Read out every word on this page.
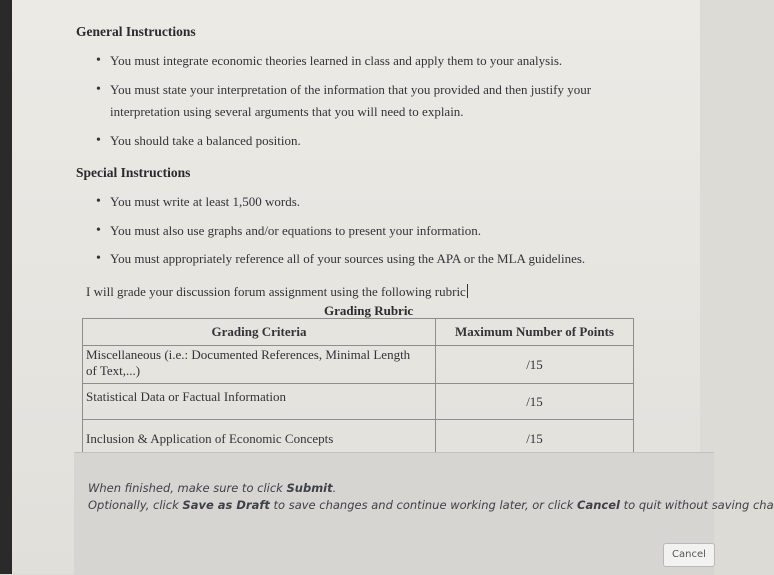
General Instructions
• You must integrate economic theories learned in class and apply them to your analysis.
• You must state your interpretation of the information that you provided and then justify your
interpretation using several arguments that you will need to explain.
• You should take a balanced position.
Special Instructions
• You must write at least 1,500 words.
• You must also use graphs and/or equations to present your information.
• You must appropriately reference all of your sources using the APA or the MLA guidelines.
I will grade your discussion forum assignment using the following rubric
Grading Rubric
Grading Criteria	Maximum Number of Points

Miscellaneous (i.e.: Documented References, Minimal Length
of Text,...)	/15
Statistical Data or Factual Information	/15
Inclusion & Application of Economic Concepts	/15
When finished, make sure to click Submit.
Optionally, click Save as Draft to save changes and continue working later, or click Cancel to quit without saving cha
Cancel
